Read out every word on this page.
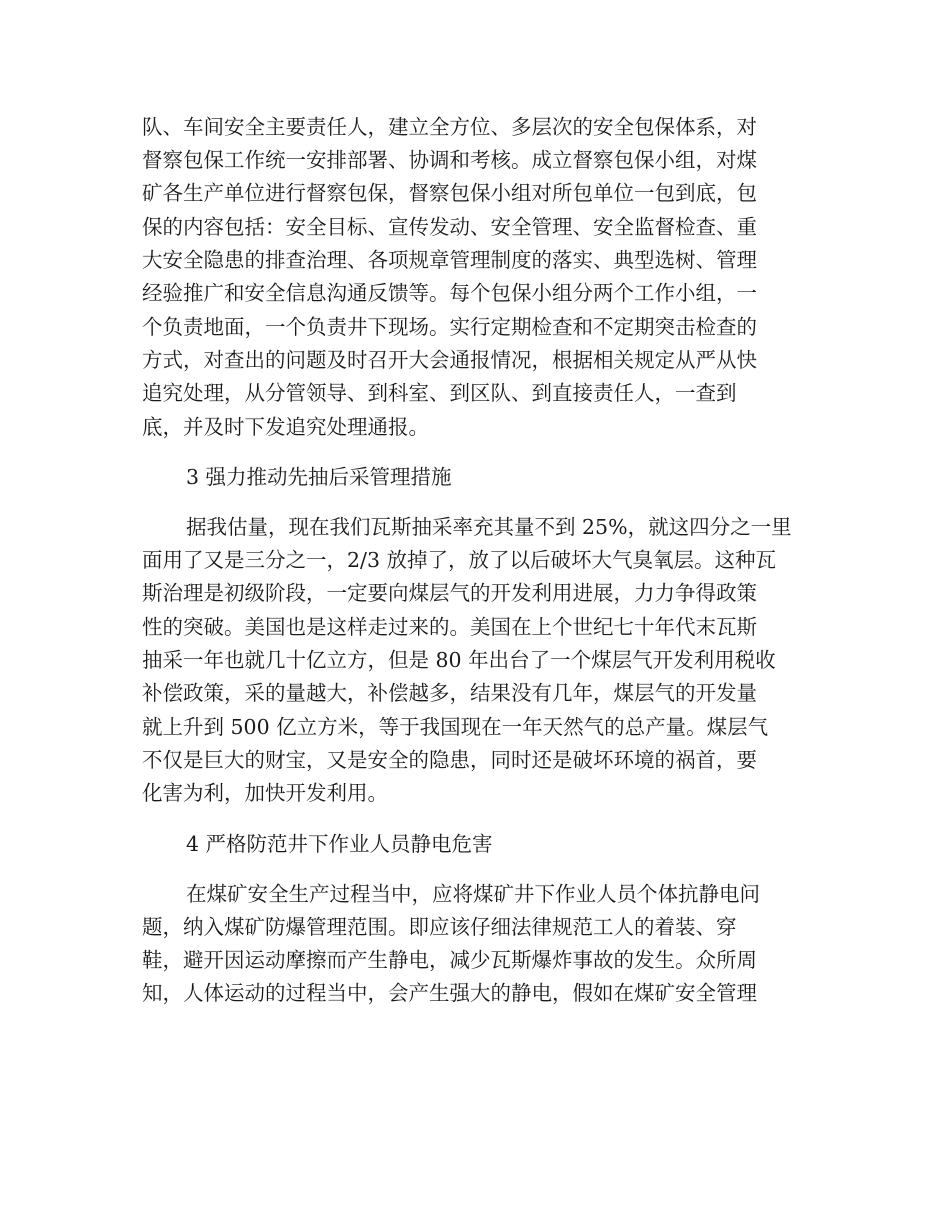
队、车间安全主要责任人，建立全方位、多层次的安全包保体系，对
督察包保工作统一安排部署、协调和考核。成立督察包保小组，对煤
矿各生产单位进行督察包保，督察包保小组对所包单位一包到底，包
保的内容包括：安全目标、宣传发动、安全管理、安全监督检查、重
大安全隐患的排查治理、各项规章管理制度的落实、典型选树、管理
经验推广和安全信息沟通反馈等。每个包保小组分两个工作小组，一
个负责地面，一个负责井下现场。实行定期检查和不定期突击检查的
方式，对查出的问题及时召开大会通报情况，根据相关规定从严从快
追究处理，从分管领导、到科室、到区队、到直接责任人，一查到
底，并及时下发追究处理通报。
3 强力推动先抽后采管理措施
据我估量，现在我们瓦斯抽采率充其量不到 25%，就这四分之一里
面用了又是三分之一，2/3 放掉了，放了以后破坏大气臭氧层。这种瓦
斯治理是初级阶段，一定要向煤层气的开发利用进展，力力争得政策
性的突破。美国也是这样走过来的。美国在上个世纪七十年代末瓦斯
抽采一年也就几十亿立方，但是 80 年出台了一个煤层气开发利用税收
补偿政策，采的量越大，补偿越多，结果没有几年，煤层气的开发量
就上升到 500 亿立方米，等于我国现在一年天然气的总产量。煤层气
不仅是巨大的财宝，又是安全的隐患，同时还是破坏环境的祸首，要
化害为利，加快开发利用。
4 严格防范井下作业人员静电危害
在煤矿安全生产过程当中，应将煤矿井下作业人员个体抗静电问
题，纳入煤矿防爆管理范围。即应该仔细法律规范工人的着装、穿
鞋，避开因运动摩擦而产生静电，减少瓦斯爆炸事故的发生。众所周
知，人体运动的过程当中，会产生强大的静电，假如在煤矿安全管理
